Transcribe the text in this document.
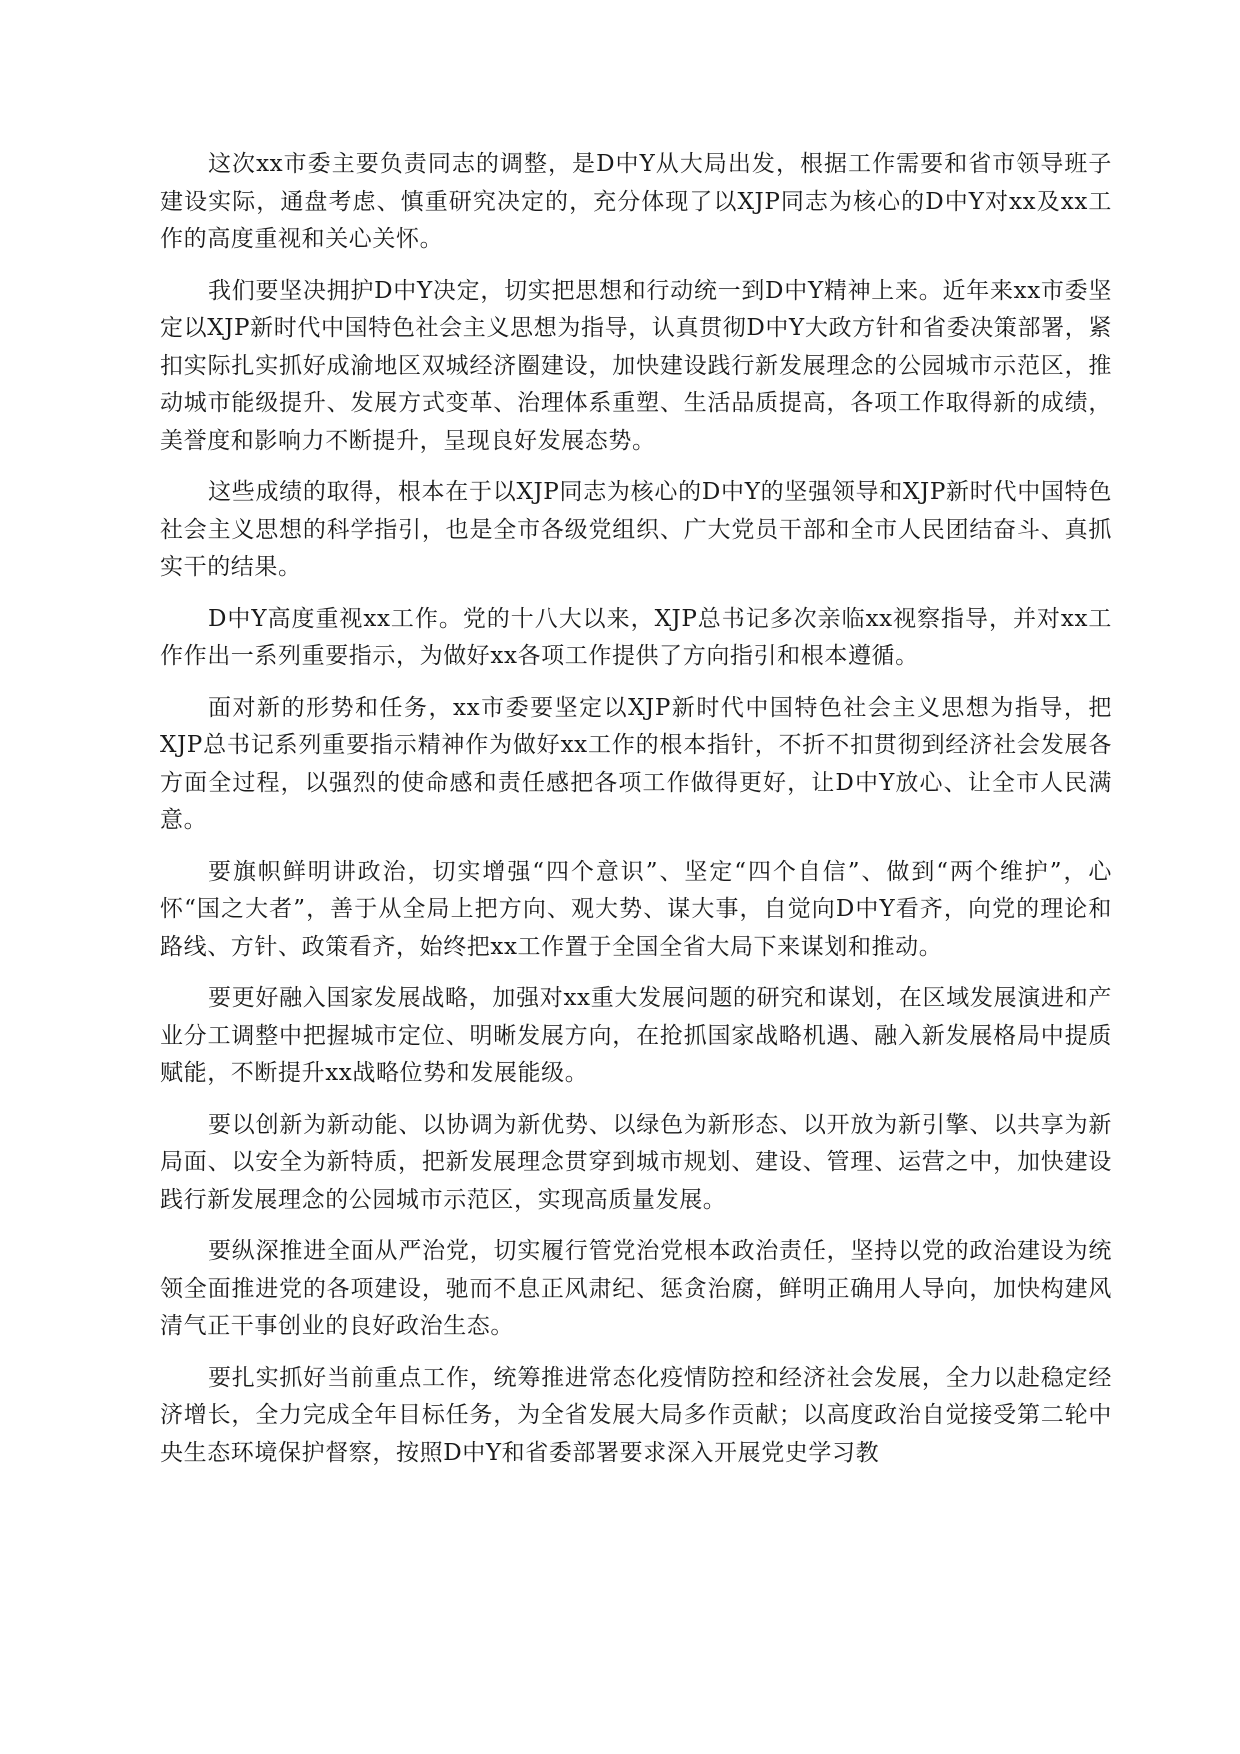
这次xx市委主要负责同志的调整，是D中Y从大局出发，根据工作需要和省市领导班子建设实际，通盘考虑、慎重研究决定的，充分体现了以XJP同志为核心的D中Y对xx及xx工作的高度重视和关心关怀。

我们要坚决拥护D中Y决定，切实把思想和行动统一到D中Y精神上来。近年来xx市委坚定以XJP新时代中国特色社会主义思想为指导，认真贯彻D中Y大政方针和省委决策部署，紧扣实际扎实抓好成渝地区双城经济圈建设，加快建设践行新发展理念的公园城市示范区，推动城市能级提升、发展方式变革、治理体系重塑、生活品质提高，各项工作取得新的成绩，美誉度和影响力不断提升，呈现良好发展态势。

这些成绩的取得，根本在于以XJP同志为核心的D中Y的坚强领导和XJP新时代中国特色社会主义思想的科学指引，也是全市各级党组织、广大党员干部和全市人民团结奋斗、真抓实干的结果。

D中Y高度重视xx工作。党的十八大以来，XJP总书记多次亲临xx视察指导，并对xx工作作出一系列重要指示，为做好xx各项工作提供了方向指引和根本遵循。

面对新的形势和任务，xx市委要坚定以XJP新时代中国特色社会主义思想为指导，把XJP总书记系列重要指示精神作为做好xx工作的根本指针，不折不扣贯彻到经济社会发展各方面全过程，以强烈的使命感和责任感把各项工作做得更好，让D中Y放心、让全市人民满意。

要旗帜鲜明讲政治，切实增强“四个意识”、坚定“四个自信”、做到“两个维护”，心怀“国之大者”，善于从全局上把方向、观大势、谋大事，自觉向D中Y看齐，向党的理论和路线、方针、政策看齐，始终把xx工作置于全国全省大局下来谋划和推动。

要更好融入国家发展战略，加强对xx重大发展问题的研究和谋划，在区域发展演进和产业分工调整中把握城市定位、明晰发展方向，在抢抓国家战略机遇、融入新发展格局中提质赋能，不断提升xx战略位势和发展能级。

要以创新为新动能、以协调为新优势、以绿色为新形态、以开放为新引擎、以共享为新局面、以安全为新特质，把新发展理念贯穿到城市规划、建设、管理、运营之中，加快建设践行新发展理念的公园城市示范区，实现高质量发展。

要纵深推进全面从严治党，切实履行管党治党根本政治责任，坚持以党的政治建设为统领全面推进党的各项建设，驰而不息正风肃纪、惩贪治腐，鲜明正确用人导向，加快构建风清气正干事创业的良好政治生态。

要扎实抓好当前重点工作，统筹推进常态化疫情防控和经济社会发展，全力以赴稳定经济增长，全力完成全年目标任务，为全省发展大局多作贡献；以高度政治自觉接受第二轮中央生态环境保护督察，按照D中Y和省委部署要求深入开展党史学习教
